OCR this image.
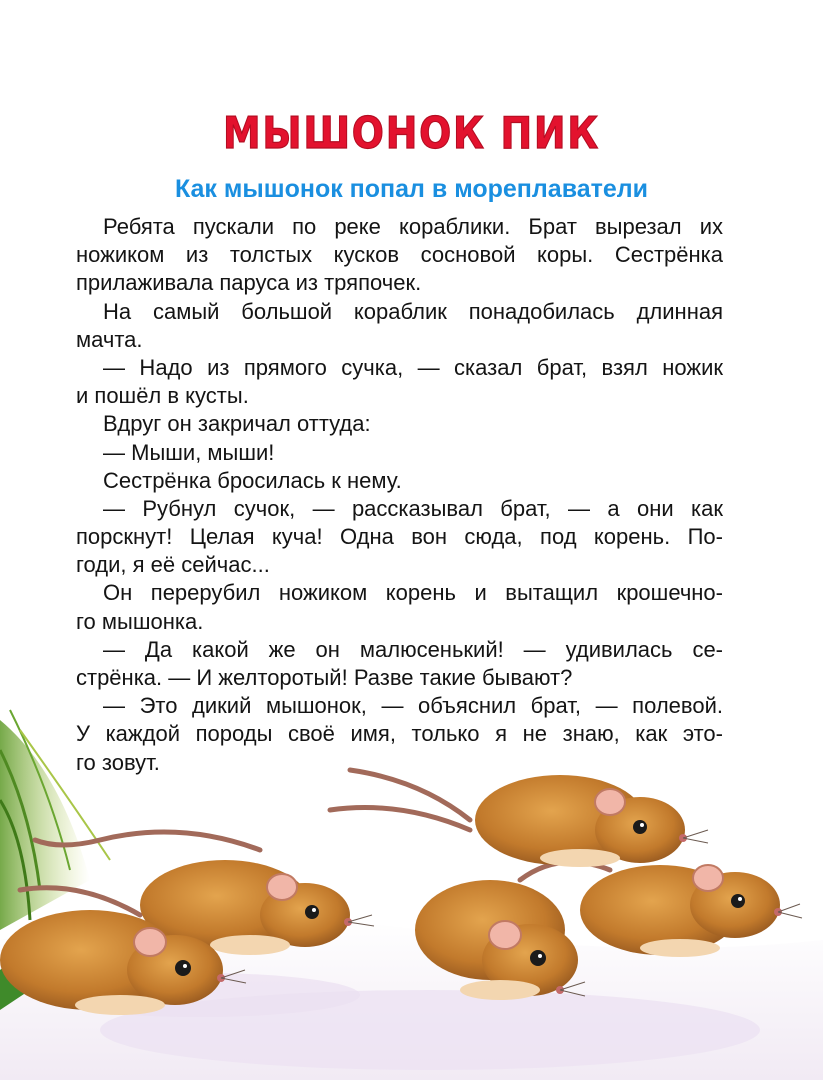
МЫШОНОК ПИК
Как мышонок попал в мореплаватели
Ребята пускали по реке кораблики. Брат вырезал их
ножиком из толстых кусков сосновой коры. Сестрёнка
прилаживала паруса из тряпочек.
На самый большой кораблик понадобилась длинная
мачта.
— Надо из прямого сучка, — сказал брат, взял ножик
и пошёл в кусты.
Вдруг он закричал оттуда:
— Мыши, мыши!
Сестрёнка бросилась к нему.
— Рубнул сучок, — рассказывал брат, — а они как
порскнут! Целая куча! Одна вон сюда, под корень. По-
годи, я её сейчас...
Он перерубил ножиком корень и вытащил крошечно-
го мышонка.
— Да какой же он малюсенький! — удивилась се-
стрёнка. — И желторотый! Разве такие бывают?
— Это дикий мышонок, — объяснил брат, — полевой.
У каждой породы своё имя, только я не знаю, как это-
го зовут.
